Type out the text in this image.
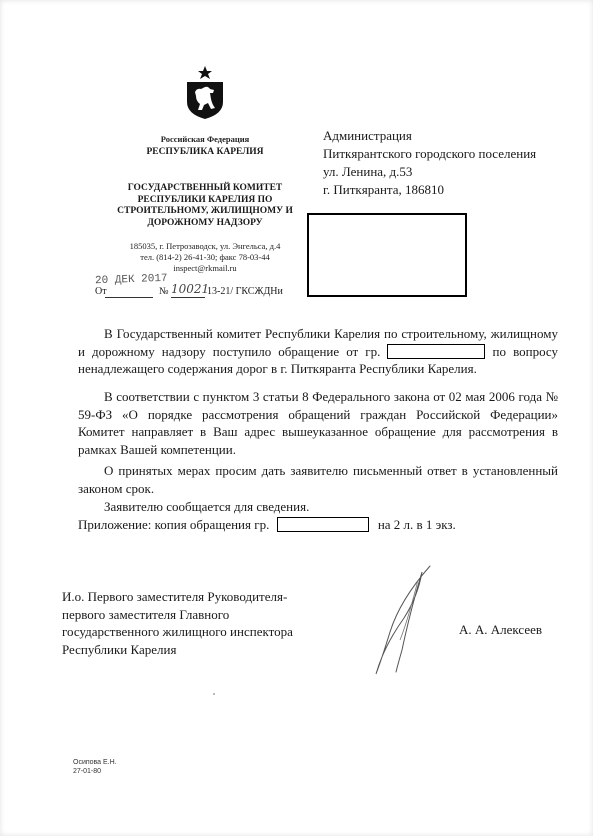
Российская Федерация
РЕСПУБЛИКА КАРЕЛИЯ
ГОСУДАРСТВЕННЫЙ КОМИТЕТ
РЕСПУБЛИКИ КАРЕЛИЯ ПО
СТРОИТЕЛЬНОМУ, ЖИЛИЩНОМУ И
ДОРОЖНОМУ НАДЗОРУ
185035, г. Петрозаводск, ул. Энгельса, д.4
тел. (814-2) 26-41-30; факс 78-03-44
inspect@rkmail.ru
20 ДЕК 2017
От	№ 10021
13-21/ ГКСЖДНи
Администрация
Питкярантского городского поселения
ул. Ленина, д.53
г. Питкяранта, 186810
В Государственный комитет Республики Карелия по строительному, жилищному и дорожному надзору поступило обращение от гр.	по вопросу ненадлежащего содержания дорог в г. Питкяранта Республики Карелия.
В соответствии с пунктом 3 статьи 8 Федерального закона от 02 мая 2006 года № 59-ФЗ «О порядке рассмотрения обращений граждан Российской Федерации» Комитет направляет в Ваш адрес вышеуказанное обращение для рассмотрения в рамках Вашей компетенции.
О принятых мерах просим дать заявителю письменный ответ в установленный законом срок.
Заявителю сообщается для сведения.
Приложение: копия обращения гр.	на 2 л. в 1 экз.
И.о. Первого заместителя Руководителя-
первого заместителя Главного
государственного жилищного инспектора
Республики Карелия
А. А. Алексеев
Осипова Е.Н.
27-01-80
